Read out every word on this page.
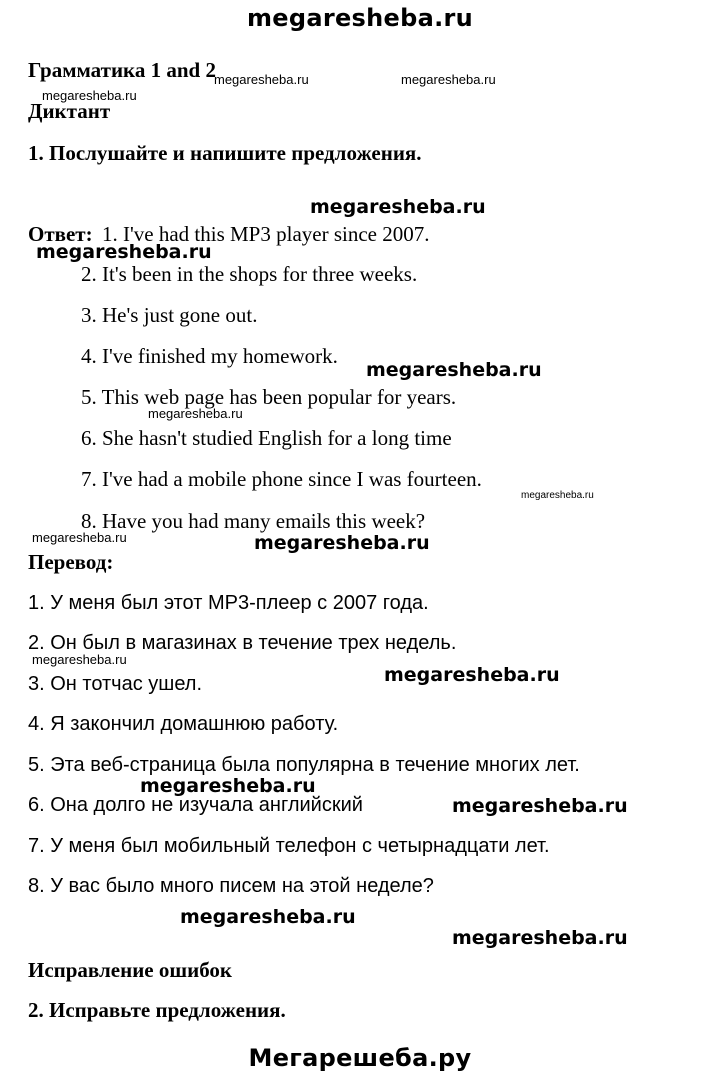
megaresheba.ru
Грамматика 1 and 2
Диктант
1. Послушайте и напишите предложения.
Ответ: 1. I've had this MP3 player since 2007.
2. It's been in the shops for three weeks.
3. He's just gone out.
4. I've finished my homework.
5. This web page has been popular for years.
6. She hasn't studied English for a long time
7. I've had a mobile phone since I was fourteen.
8. Have you had many emails this week?
Перевод:
1. У меня был этот МР3-плеер с 2007 года.
2. Он был в магазинах в течение трех недель.
3. Он тотчас ушел.
4. Я закончил домашнюю работу.
5. Эта веб-страница была популярна в течение многих лет.
6. Она долго не изучала английский
7. У меня был мобильный телефон с четырнадцати лет.
8. У вас было много писем на этой неделе?
Исправление ошибок
2. Исправьте предложения.
Мегарешеба.ру
megaresheba.ru	megaresheba.ru
megaresheba.ru
megaresheba.ru
megaresheba.ru
megaresheba.ru
megaresheba.ru
megaresheba.ru
megaresheba.ru	megaresheba.ru
megaresheba.ru
megaresheba.ru
megaresheba.ru
megaresheba.ru
megaresheba.ru
megaresheba.ru
